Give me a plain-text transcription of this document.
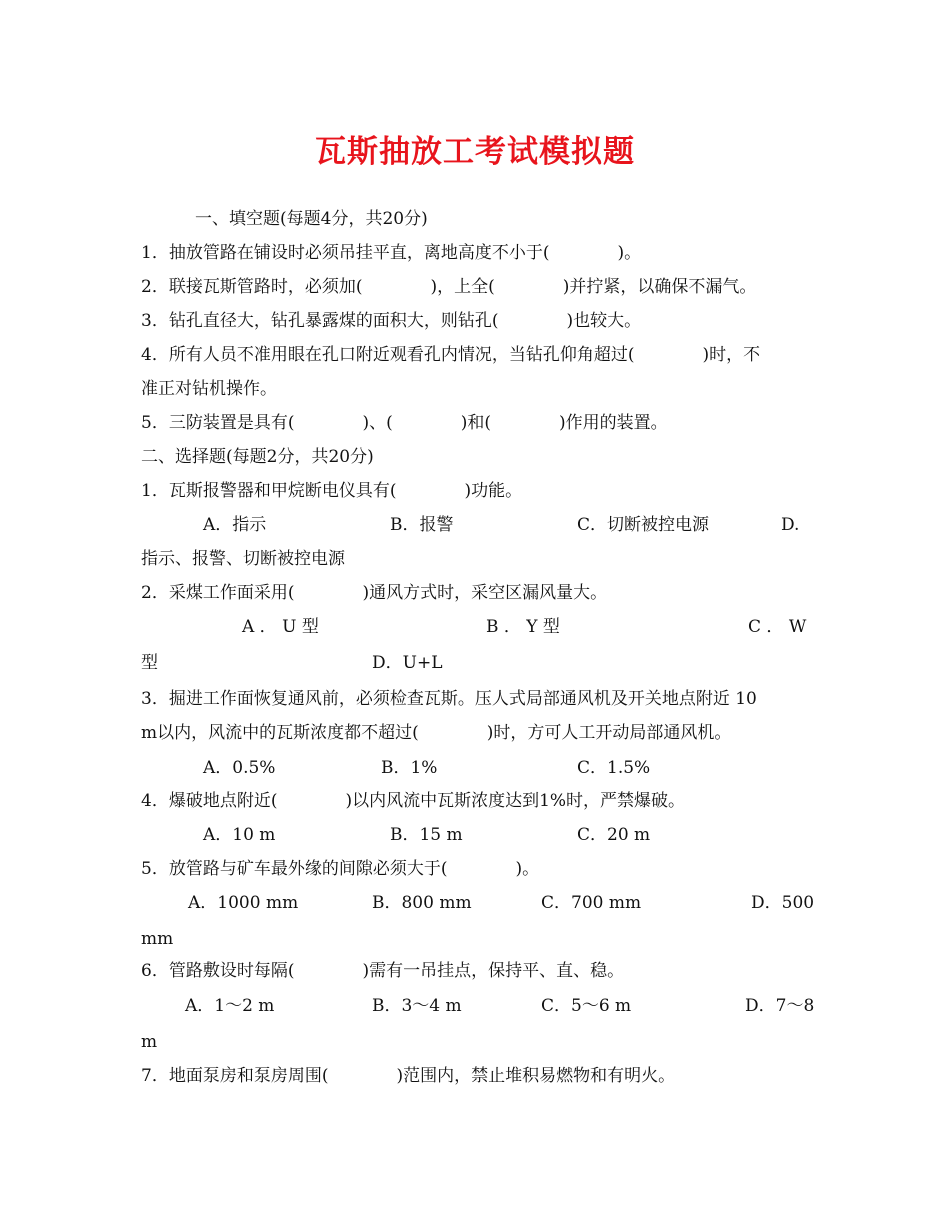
瓦斯抽放工考试模拟题
一、填空题(每题4分，共20分)
1．抽放管路在铺设时必须吊挂平直，离地高度不小于(　　　　)。
2．联接瓦斯管路时，必须加(　　　　)，上全(　　　　)并拧紧，以确保不漏气。
3．钻孔直径大，钻孔暴露煤的面积大，则钻孔(　　　　)也较大。
4．所有人员不准用眼在孔口附近观看孔内情况，当钻孔仰角超过(　　　　)时，不
准正对钻机操作。
5．三防装置是具有(　　　　)、(　　　　)和(　　　　)作用的装置。
二、选择题(每题2分，共20分)
1．瓦斯报警器和甲烷断电仪具有(　　　　)功能。
A．指示	B．报警	C．切断被控电源	D.
指示、报警、切断被控电源
2．采煤工作面采用(　　　　)通风方式时，采空区漏风量大。
A ． U 型	B ． Y 型	C ． W
型	D．U+L
3．掘进工作面恢复通风前，必须检查瓦斯。压人式局部通风机及开关地点附近 10
m以内，风流中的瓦斯浓度都不超过(　　　　)时，方可人工开动局部通风机。
A．0.5%	B．1%	C．1.5%
4．爆破地点附近(　　　　)以内风流中瓦斯浓度达到1%时，严禁爆破。
A．10 m	B．15 m	C．20 m
5．放管路与矿车最外缘的间隙必须大于(　　　　)。
A．1000 mm	B．800 mm	C．700 mm	D．500
mm
6．管路敷设时每隔(　　　　)需有一吊挂点，保持平、直、稳。
A．1～2 m	B．3～4 m	C．5～6 m	D．7～8
m
7．地面泵房和泵房周围(　　　　)范围内，禁止堆积易燃物和有明火。
